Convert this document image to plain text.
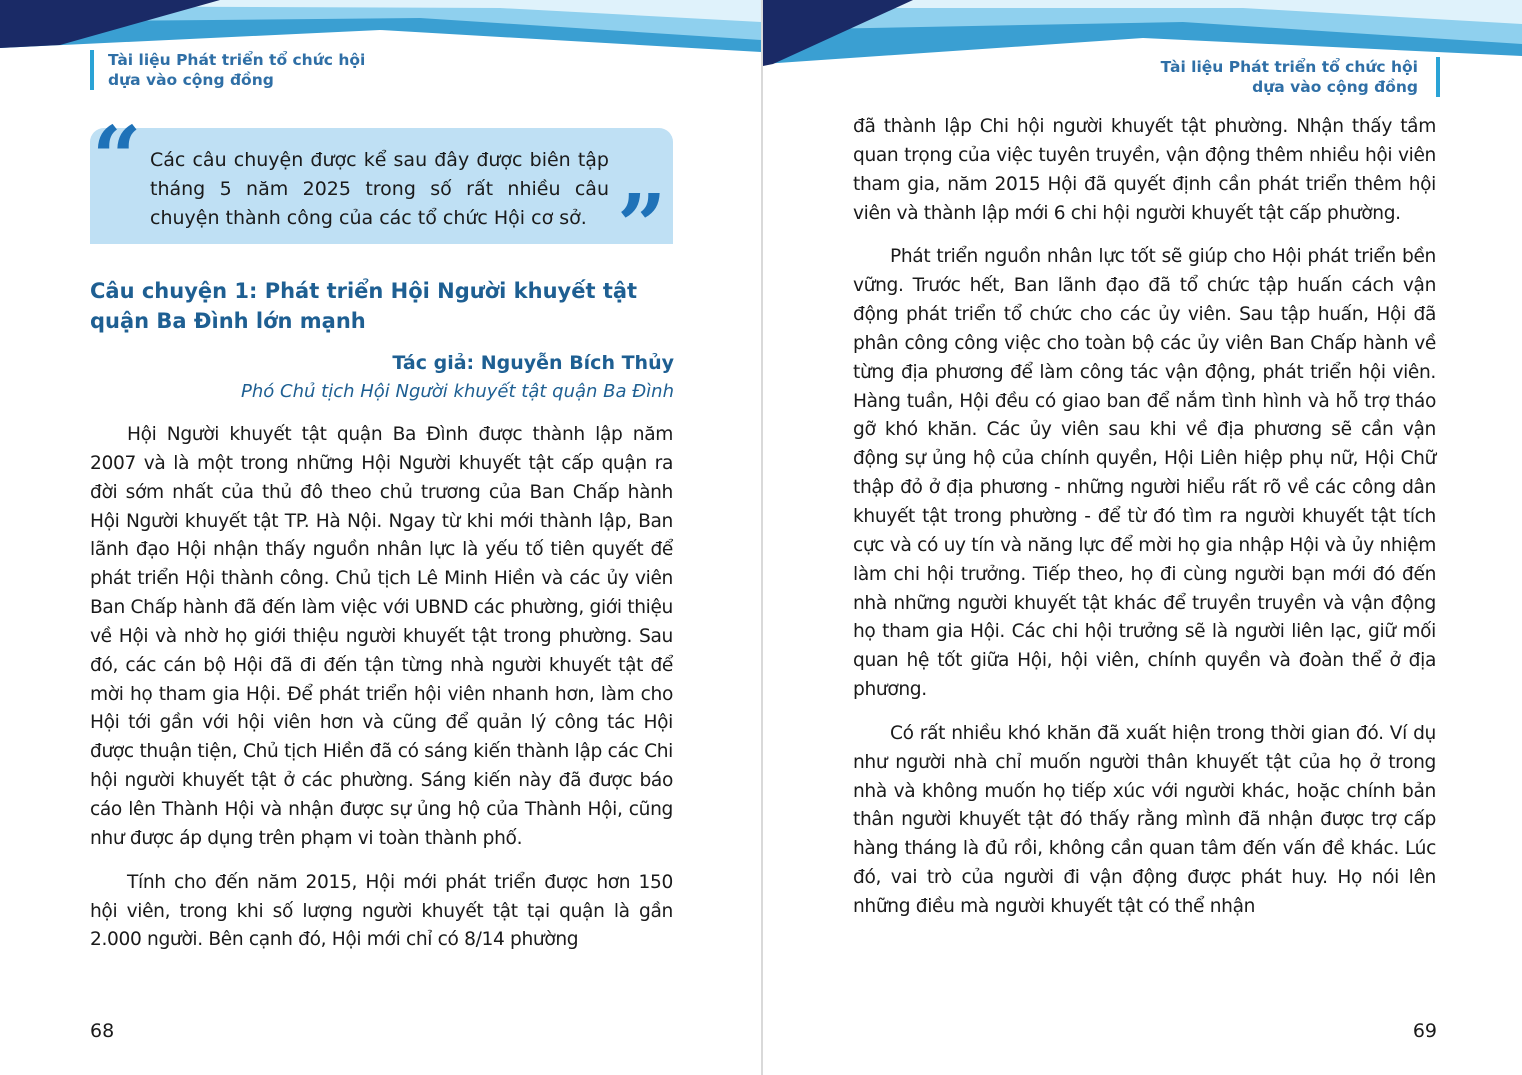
Tài liệu Phát triển tổ chức hội
dựa vào cộng đồng
“ Các câu chuyện được kể sau đây được biên tập tháng 5 năm 2025 trong số rất nhiều câu chuyện thành công của các tổ chức Hội cơ sở. ”
Câu chuyện 1: Phát triển Hội Người khuyết tật quận Ba Đình lớn mạnh
Tác giả: Nguyễn Bích Thủy
Phó Chủ tịch Hội Người khuyết tật quận Ba Đình

Hội Người khuyết tật quận Ba Đình được thành lập năm 2007 và là một trong những Hội Người khuyết tật cấp quận ra đời sớm nhất của thủ đô theo chủ trương của Ban Chấp hành Hội Người khuyết tật TP. Hà Nội. Ngay từ khi mới thành lập, Ban lãnh đạo Hội nhận thấy nguồn nhân lực là yếu tố tiên quyết để phát triển Hội thành công. Chủ tịch Lê Minh Hiền và các ủy viên Ban Chấp hành đã đến làm việc với UBND các phường, giới thiệu về Hội và nhờ họ giới thiệu người khuyết tật trong phường. Sau đó, các cán bộ Hội đã đi đến tận từng nhà người khuyết tật để mời họ tham gia Hội. Để phát triển hội viên nhanh hơn, làm cho Hội tới gần với hội viên hơn và cũng để quản lý công tác Hội được thuận tiện, Chủ tịch Hiền đã có sáng kiến thành lập các Chi hội người khuyết tật ở các phường. Sáng kiến này đã được báo cáo lên Thành Hội và nhận được sự ủng hộ của Thành Hội, cũng như được áp dụng trên phạm vi toàn thành phố.

Tính cho đến năm 2015, Hội mới phát triển được hơn 150 hội viên, trong khi số lượng người khuyết tật tại quận là gần 2.000 người. Bên cạnh đó, Hội mới chỉ có 8/14 phường

68
Tài liệu Phát triển tổ chức hội
dựa vào cộng đồng

đã thành lập Chi hội người khuyết tật phường. Nhận thấy tầm quan trọng của việc tuyên truyền, vận động thêm nhiều hội viên tham gia, năm 2015 Hội đã quyết định cần phát triển thêm hội viên và thành lập mới 6 chi hội người khuyết tật cấp phường.

Phát triển nguồn nhân lực tốt sẽ giúp cho Hội phát triển bền vững. Trước hết, Ban lãnh đạo đã tổ chức tập huấn cách vận động phát triển tổ chức cho các ủy viên. Sau tập huấn, Hội đã phân công công việc cho toàn bộ các ủy viên Ban Chấp hành về từng địa phương để làm công tác vận động, phát triển hội viên. Hàng tuần, Hội đều có giao ban để nắm tình hình và hỗ trợ tháo gỡ khó khăn. Các ủy viên sau khi về địa phương sẽ cần vận động sự ủng hộ của chính quyền, Hội Liên hiệp phụ nữ, Hội Chữ thập đỏ ở địa phương - những người hiểu rất rõ về các công dân khuyết tật trong phường - để từ đó tìm ra người khuyết tật tích cực và có uy tín và năng lực để mời họ gia nhập Hội và ủy nhiệm làm chi hội trưởng. Tiếp theo, họ đi cùng người bạn mới đó đến nhà những người khuyết tật khác để truyền truyền và vận động họ tham gia Hội. Các chi hội trưởng sẽ là người liên lạc, giữ mối quan hệ tốt giữa Hội, hội viên, chính quyền và đoàn thể ở địa phương.

Có rất nhiều khó khăn đã xuất hiện trong thời gian đó. Ví dụ như người nhà chỉ muốn người thân khuyết tật của họ ở trong nhà và không muốn họ tiếp xúc với người khác, hoặc chính bản thân người khuyết tật đó thấy rằng mình đã nhận được trợ cấp hàng tháng là đủ rồi, không cần quan tâm đến vấn đề khác. Lúc đó, vai trò của người đi vận động được phát huy. Họ nói lên những điều mà người khuyết tật có thể nhận

69
